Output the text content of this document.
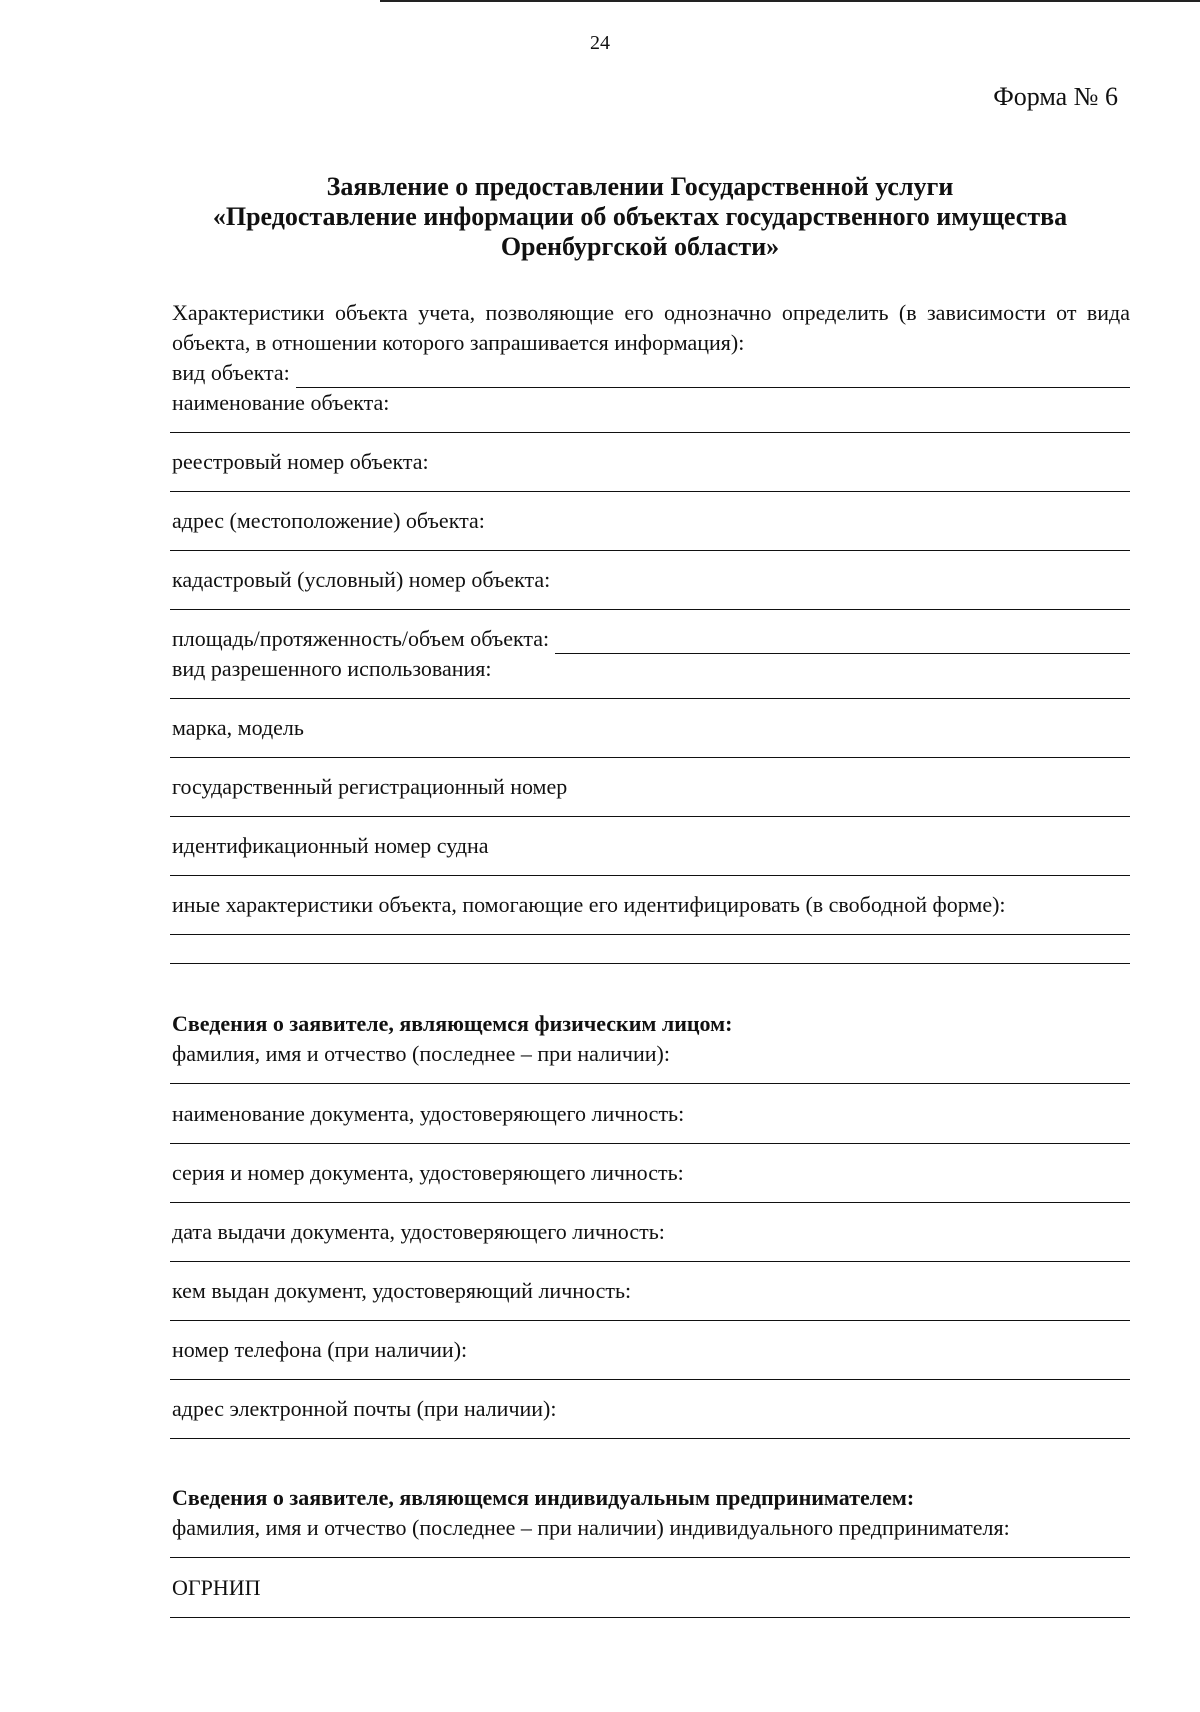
24
Форма № 6
Заявление о предоставлении Государственной услуги
«Предоставление информации об объектах государственного имущества
Оренбургской области»
Характеристики объекта учета, позволяющие его однозначно определить (в зависимости от вида объекта, в отношении которого запрашивается информация):
вид объекта:
наименование объекта:
реестровый номер объекта:
адрес (местоположение) объекта:
кадастровый (условный) номер объекта:
площадь/протяженность/объем объекта:
вид разрешенного использования:
марка, модель
государственный регистрационный номер
идентификационный номер судна
иные характеристики объекта, помогающие его идентифицировать (в свободной форме):
Сведения о заявителе, являющемся физическим лицом:
фамилия, имя и отчество (последнее – при наличии):
наименование документа, удостоверяющего личность:
серия и номер документа, удостоверяющего личность:
дата выдачи документа, удостоверяющего личность:
кем выдан документ, удостоверяющий личность:
номер телефона (при наличии):
адрес электронной почты (при наличии):
Сведения о заявителе, являющемся индивидуальным предпринимателем:
фамилия, имя и отчество (последнее – при наличии) индивидуального предпринимателя:
ОГРНИП
